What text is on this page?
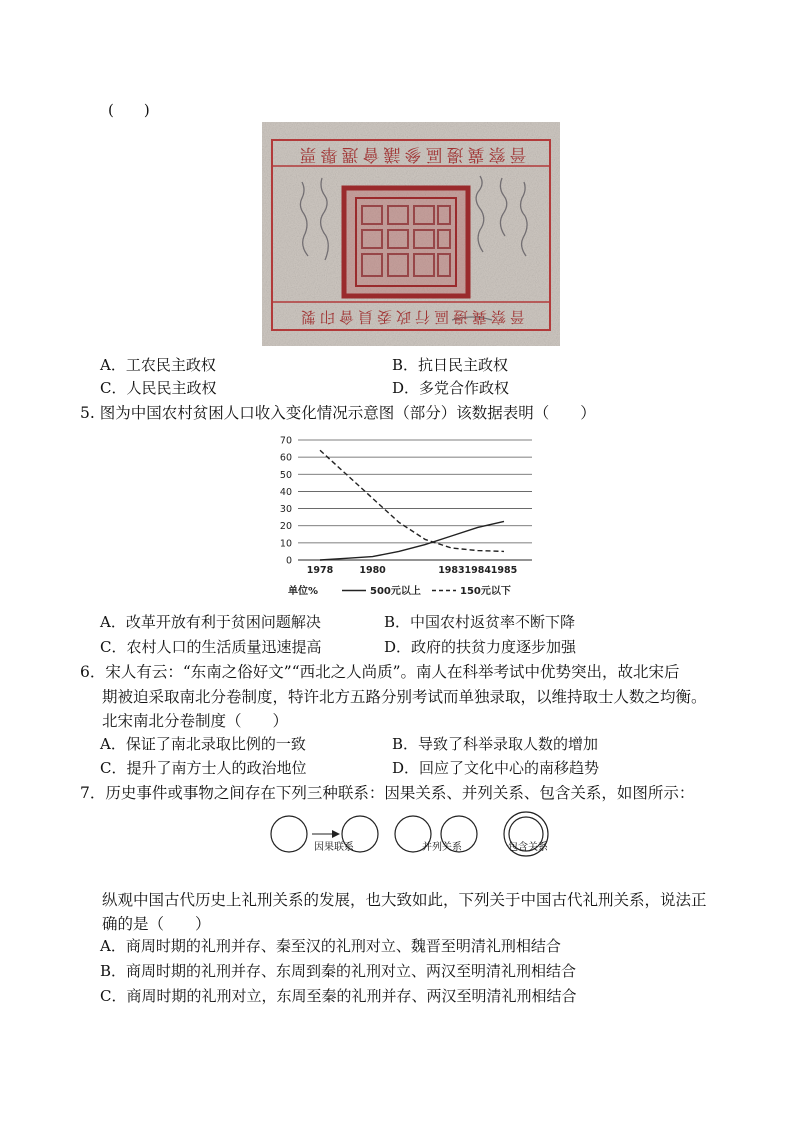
(　　)
晉察冀邊區參議會選舉票
晉察冀邊區行政委員會印製
A．工农民主政权	B．抗日民主政权
C．人民民主政权	D．多党合作政权
5. 图为中国农村贫困人口收入变化情况示意图（部分）该数据表明（　　）
0
10
20
30
40
50
60
70
1978	1980	1983 1984 1985
单位%	500元以上	150元以下
A．改革开放有利于贫困问题解决	B．中国农村返贫率不断下降
C．农村人口的生活质量迅速提高	D．政府的扶贫力度逐步加强
6．宋人有云：“东南之俗好文”“西北之人尚质”。南人在科举考试中优势突出，故北宋后
期被迫采取南北分卷制度，特许北方五路分别考试而单独录取，以维持取士人数之均衡。
北宋南北分卷制度（　　）
A．保证了南北录取比例的一致	B．导致了科举录取人数的增加
C．提升了南方士人的政治地位	D．回应了文化中心的南移趋势
7．历史事件或事物之间存在下列三种联系：因果关系、并列关系、包含关系，如图所示：
因果联系	并列关系	包含关系
纵观中国古代历史上礼刑关系的发展，也大致如此，下列关于中国古代礼刑关系，说法正
确的是（　　）
A．商周时期的礼刑并存、秦至汉的礼刑对立、魏晋至明清礼刑相结合
B．商周时期的礼刑并存、东周到秦的礼刑对立、两汉至明清礼刑相结合
C．商周时期的礼刑对立，东周至秦的礼刑并存、两汉至明清礼刑相结合
